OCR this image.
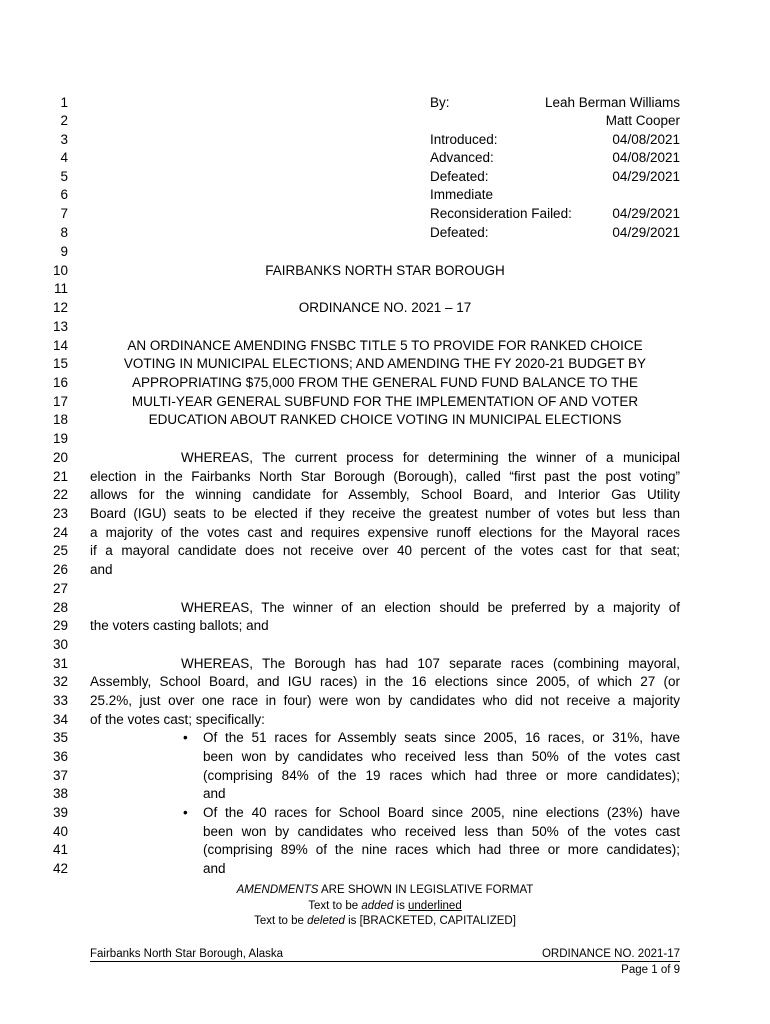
1
2
3
4
5
6
7
8
9
10
11
12
13
14
15
16
17
18
19
20
21
22
23
24
25
26
27
28
29
30
31
32
33
34
35
36
37
38
39
40
41
42
By:	Leah Berman Williams
Matt Cooper
Introduced:	04/08/2021
Advanced:	04/08/2021
Defeated:	04/29/2021
Immediate
Reconsideration Failed:	04/29/2021
Defeated:	04/29/2021
FAIRBANKS NORTH STAR BOROUGH
ORDINANCE NO. 2021 – 17
AN ORDINANCE AMENDING FNSBC TITLE 5 TO PROVIDE FOR RANKED CHOICE
VOTING IN MUNICIPAL ELECTIONS; AND AMENDING THE FY 2020-21 BUDGET BY
APPROPRIATING $75,000 FROM THE GENERAL FUND FUND BALANCE TO THE
MULTI-YEAR GENERAL SUBFUND FOR THE IMPLEMENTATION OF AND VOTER
EDUCATION ABOUT RANKED CHOICE VOTING IN MUNICIPAL ELECTIONS
WHEREAS, The current process for determining the winner of a municipal
election in the Fairbanks North Star Borough (Borough), called “first past the post voting”
allows for the winning candidate for Assembly, School Board, and Interior Gas Utility
Board (IGU) seats to be elected if they receive the greatest number of votes but less than
a majority of the votes cast and requires expensive runoff elections for the Mayoral races
if a mayoral candidate does not receive over 40 percent of the votes cast for that seat;
and
WHEREAS, The winner of an election should be preferred by a majority of
the voters casting ballots; and
WHEREAS, The Borough has had 107 separate races (combining mayoral,
Assembly, School Board, and IGU races) in the 16 elections since 2005, of which 27 (or
25.2%, just over one race in four) were won by candidates who did not receive a majority
of the votes cast; specifically:
• Of the 51 races for Assembly seats since 2005, 16 races, or 31%, have
been won by candidates who received less than 50% of the votes cast
(comprising 84% of the 19 races which had three or more candidates);
and
• Of the 40 races for School Board since 2005, nine elections (23%) have
been won by candidates who received less than 50% of the votes cast
(comprising 89% of the nine races which had three or more candidates);
and
AMENDMENTS ARE SHOWN IN LEGISLATIVE FORMAT
Text to be added is underlined
Text to be deleted is [BRACKETED, CAPITALIZED]
Fairbanks North Star Borough, Alaska	ORDINANCE NO. 2021-17
Page 1 of 9
